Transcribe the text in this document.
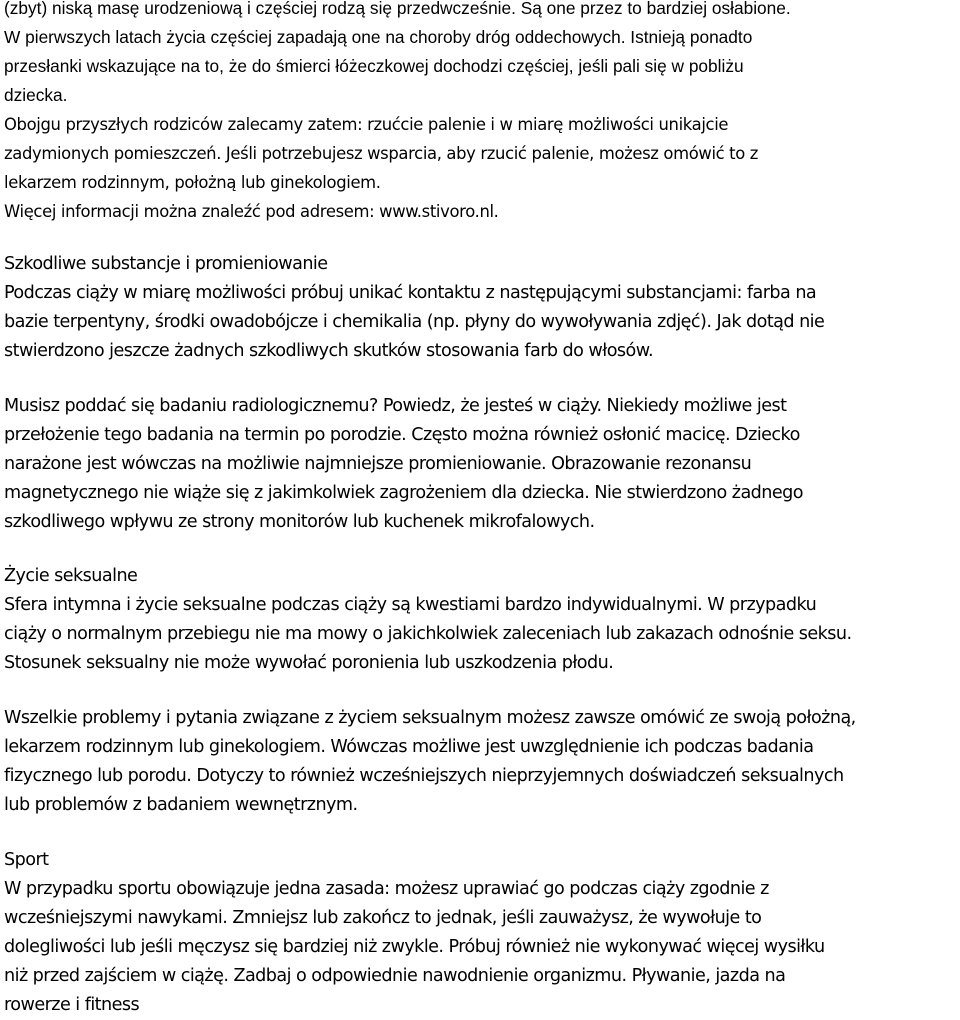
(zbyt) niską masę urodzeniową i częściej rodzą się przedwcześnie. Są one przez to bardziej osłabione.
W pierwszych latach życia częściej zapadają one na choroby dróg oddechowych. Istnieją ponadto
przesłanki wskazujące na to, że do śmierci łóżeczkowej dochodzi częściej, jeśli pali się w pobliżu
dziecka.
Obojgu przyszłych rodziców zalecamy zatem: rzućcie palenie i w miarę możliwości unikajcie
zadymionych pomieszczeń. Jeśli potrzebujesz wsparcia, aby rzucić palenie, możesz omówić to z
lekarzem rodzinnym, położną lub ginekologiem.
Więcej informacji można znaleźć pod adresem: www.stivoro.nl.
Szkodliwe substancje i promieniowanie
Podczas ciąży w miarę możliwości próbuj unikać kontaktu z następującymi substancjami: farba na
bazie terpentyny, środki owadobójcze i chemikalia (np. płyny do wywoływania zdjęć). Jak dotąd nie
stwierdzono jeszcze żadnych szkodliwych skutków stosowania farb do włosów.
Musisz poddać się badaniu radiologicznemu? Powiedz, że jesteś w ciąży. Niekiedy możliwe jest
przełożenie tego badania na termin po porodzie. Często można również osłonić macicę. Dziecko
narażone jest wówczas na możliwie najmniejsze promieniowanie. Obrazowanie rezonansu
magnetycznego nie wiąże się z jakimkolwiek zagrożeniem dla dziecka. Nie stwierdzono żadnego
szkodliwego wpływu ze strony monitorów lub kuchenek mikrofalowych.
Życie seksualne
Sfera intymna i życie seksualne podczas ciąży są kwestiami bardzo indywidualnymi. W przypadku
ciąży o normalnym przebiegu nie ma mowy o jakichkolwiek zaleceniach lub zakazach odnośnie seksu.
Stosunek seksualny nie może wywołać poronienia lub uszkodzenia płodu.
Wszelkie problemy i pytania związane z życiem seksualnym możesz zawsze omówić ze swoją położną,
lekarzem rodzinnym lub ginekologiem. Wówczas możliwe jest uwzględnienie ich podczas badania
fizycznego lub porodu. Dotyczy to również wcześniejszych nieprzyjemnych doświadczeń seksualnych
lub problemów z badaniem wewnętrznym.
Sport
W przypadku sportu obowiązuje jedna zasada: możesz uprawiać go podczas ciąży zgodnie z
wcześniejszymi nawykami. Zmniejsz lub zakończ to jednak, jeśli zauważysz, że wywołuje to
dolegliwości lub jeśli męczysz się bardziej niż zwykle. Próbuj również nie wykonywać więcej wysiłku
niż przed zajściem w ciążę. Zadbaj o odpowiednie nawodnienie organizmu. Pływanie, jazda na
rowerze i fitness
